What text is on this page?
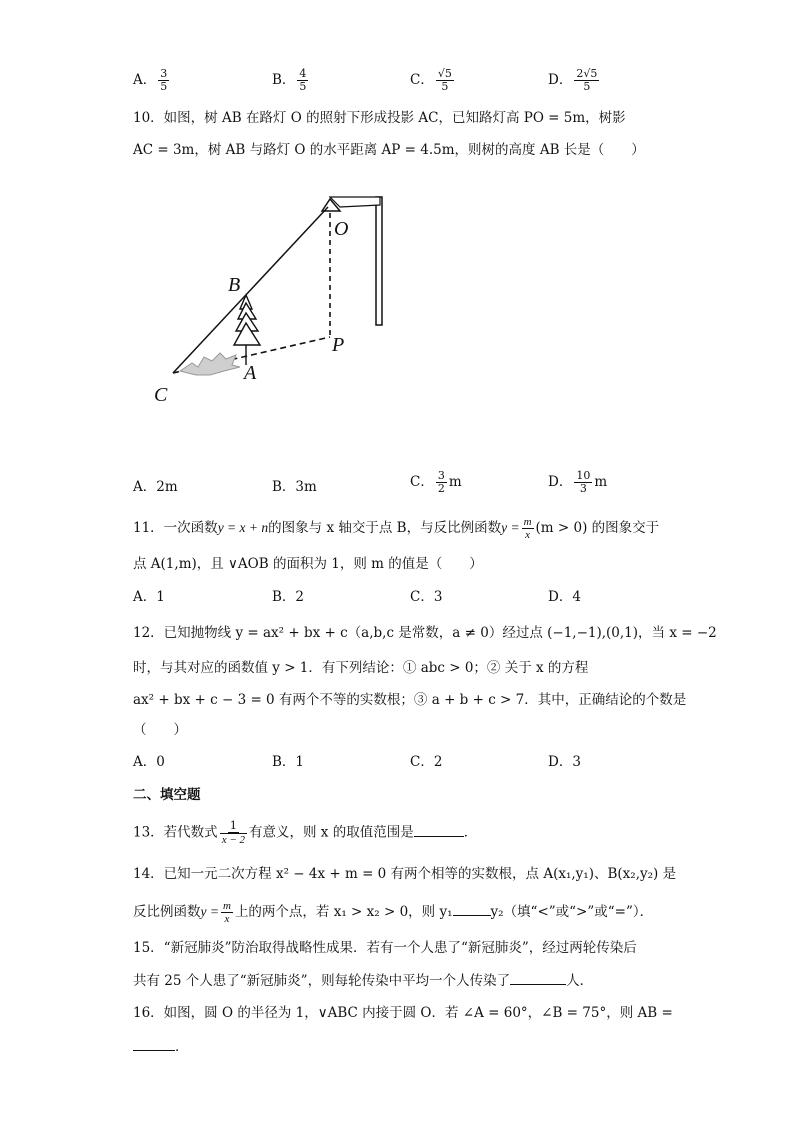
A． $\frac{3}{5}$	B． $\frac{4}{5}$	C． $\frac{√5}{5}$	D． $\frac{2√5}{5}$
10．如图，树 AB 在路灯 O 的照射下形成投影 AC，已知路灯高 PO = 5m，树影
AC = 3m，树 AB 与路灯 O 的水平距离 AP = 4.5m，则树的高度 AB 长是（　　）
O
B
P
A
C
A．2m	B．3m	C． $\frac{3}{2}$ m	D． $\frac{10}{3}$ m
11．一次函数y = x + n的图象与 x 轴交于点 B，与反比例函数$y = \frac{m}{x} (m > 0)$ 的图象交于
点 A(1,m)，且 ∨AOB 的面积为 1，则 m 的值是（　　）
A．1	B．2	C．3	D．4
12．已知抛物线 y = ax² + bx + c（a,b,c 是常数，a ≠ 0）经过点 (−1,−1),(0,1)，当 x = −2
时，与其对应的函数值 y > 1．有下列结论：① abc > 0；② 关于 x 的方程
ax² + bx + c − 3 = 0 有两个不等的实数根；③ a + b + c > 7．其中，正确结论的个数是
（　　）
A．0	B．1	C．2	D．3
二、填空题
13．若代数式 $\frac{1}{x - 2}$ 有意义，则 x 的取值范围是	．
14．已知一元二次方程 x² − 4x + m = 0 有两个相等的实数根，点 A(x₁,y₁)、B(x₂,y₂) 是
反比例函数$y = \frac{m}{x}$ 上的两个点，若 x₁ > x₂ > 0，则 y₁	y₂（填“<”或“>”或“=”）．
15．“新冠肺炎”防治取得战略性成果．若有一个人患了“新冠肺炎”，经过两轮传染后
共有 25 个人患了“新冠肺炎”，则每轮传染中平均一个人传染了	人．
16．如图，圆 O 的半径为 1，∨ABC 内接于圆 O．若 ∠A = 60°，∠B = 75°，则 AB =
．
